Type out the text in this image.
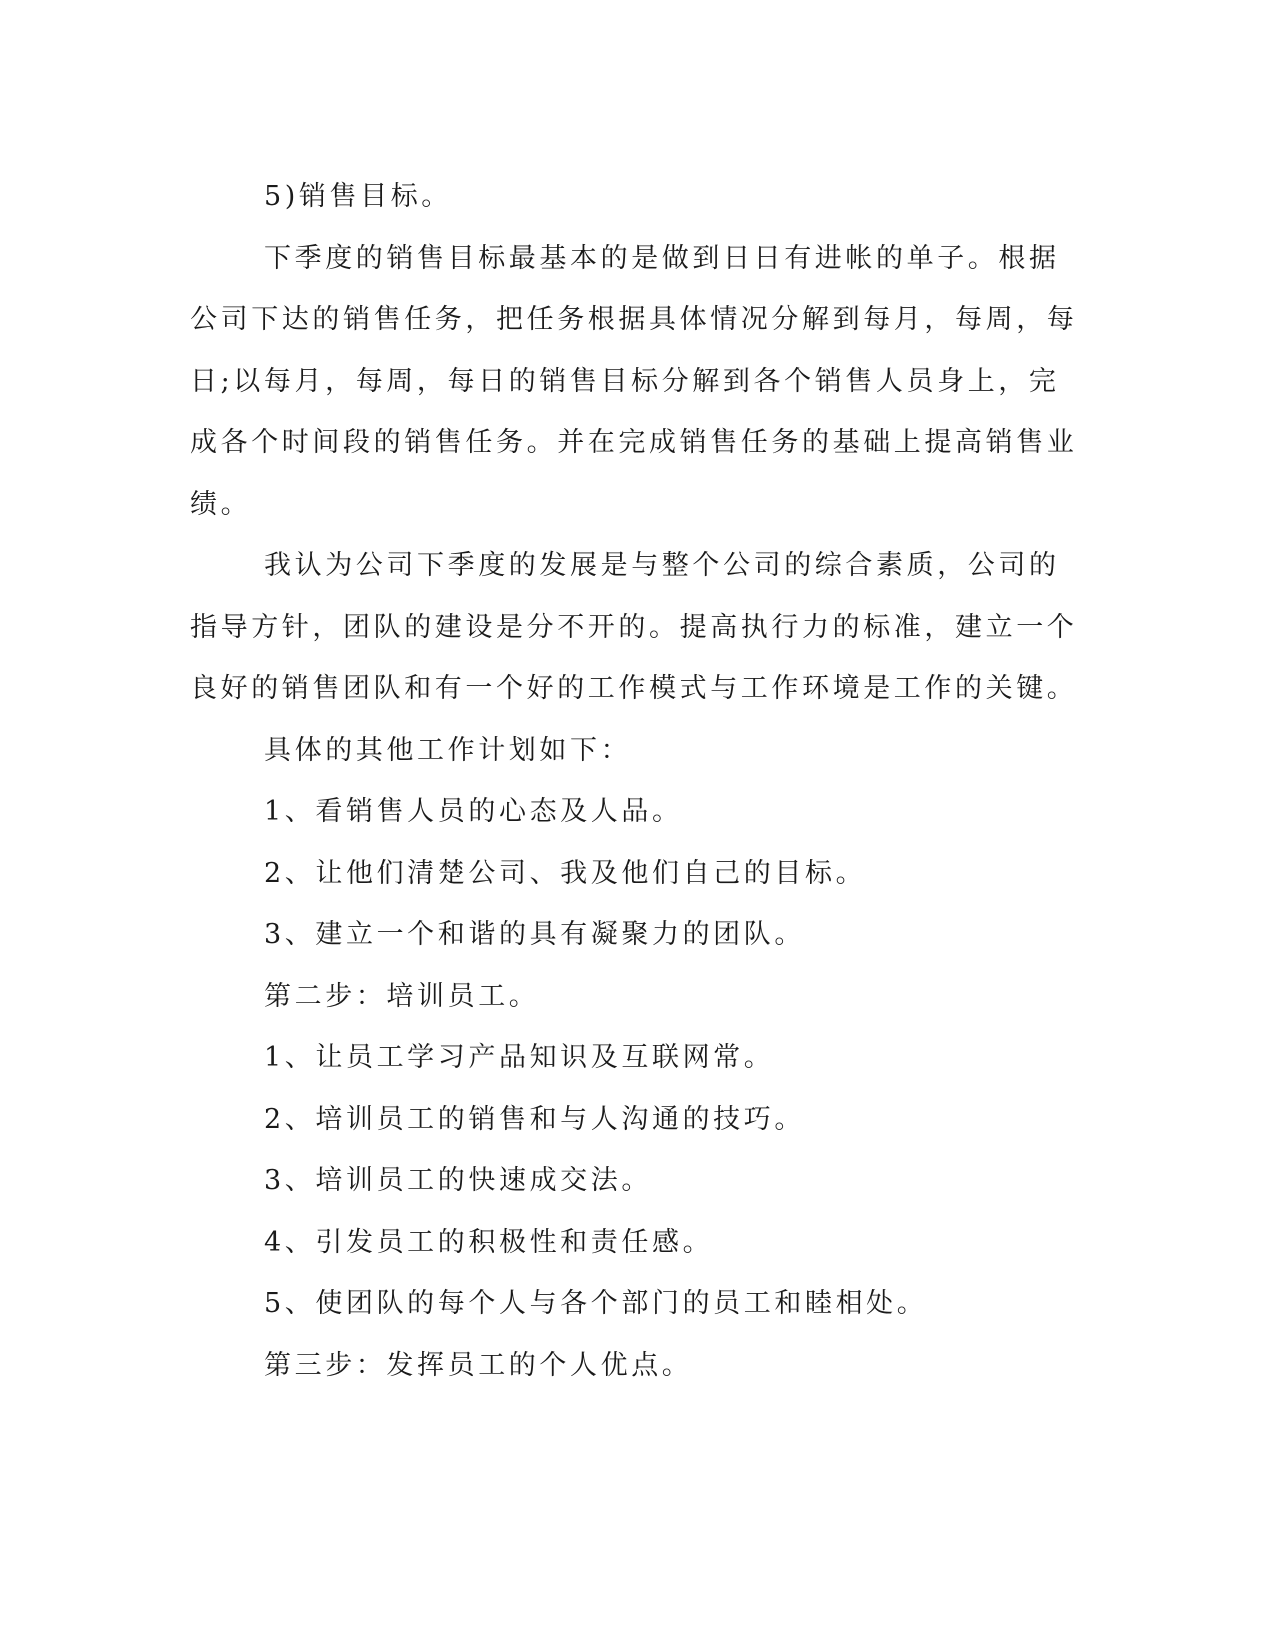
5)销售目标。

下季度的销售目标最基本的是做到日日有进帐的单子。根据公司下达的销售任务，把任务根据具体情况分解到每月，每周，每日;以每月，每周，每日的销售目标分解到各个销售人员身上，完成各个时间段的销售任务。并在完成销售任务的基础上提高销售业绩。

我认为公司下季度的发展是与整个公司的综合素质，公司的指导方针，团队的建设是分不开的。提高执行力的标准，建立一个良好的销售团队和有一个好的工作模式与工作环境是工作的关键。

具体的其他工作计划如下：

1、看销售人员的心态及人品。

2、让他们清楚公司、我及他们自己的目标。

3、建立一个和谐的具有凝聚力的团队。

第二步：培训员工。

1、让员工学习产品知识及互联网常。

2、培训员工的销售和与人沟通的技巧。

3、培训员工的快速成交法。

4、引发员工的积极性和责任感。

5、使团队的每个人与各个部门的员工和睦相处。

第三步：发挥员工的个人优点。
